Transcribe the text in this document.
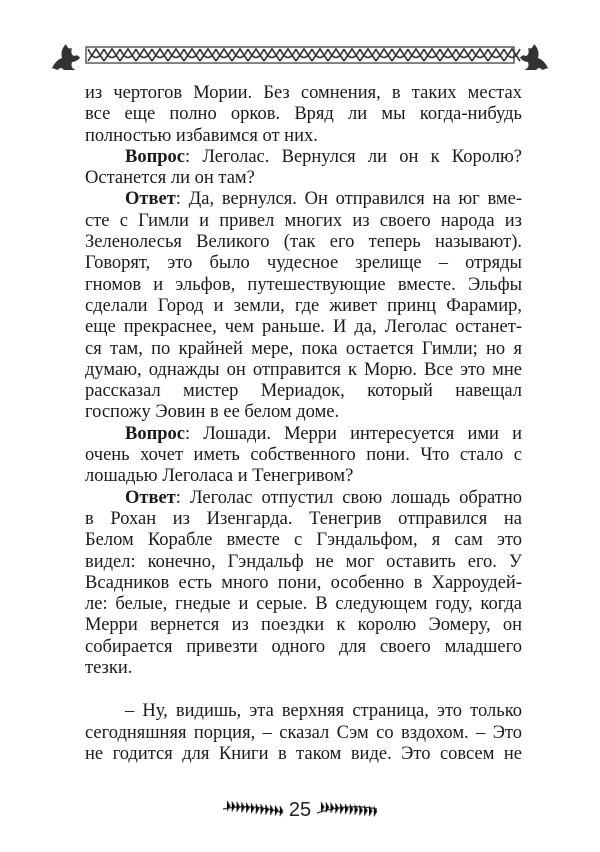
из чертогов Мории. Без сомнения, в таких местах
все еще полно орков. Вряд ли мы когда-нибудь
полностью избавимся от них.
Вопрос: Леголас. Вернулся ли он к Королю?
Останется ли он там?
Ответ: Да, вернулся. Он отправился на юг вме-
сте с Гимли и привел многих из своего народа из
Зеленолесья Великого (так его теперь называют).
Говорят, это было чудесное зрелище – отряды
гномов и эльфов, путешествующие вместе. Эльфы
сделали Город и земли, где живет принц Фарамир,
еще прекраснее, чем раньше. И да, Леголас останет-
ся там, по крайней мере, пока остается Гимли; но я
думаю, однажды он отправится к Морю. Все это мне
рассказал мистер Мериадок, который навещал
госпожу Эовин в ее белом доме.
Вопрос: Лошади. Мерри интересуется ими и
очень хочет иметь собственного пони. Что стало с
лошадью Леголаса и Тенегривом?
Ответ: Леголас отпустил свою лошадь обратно
в Рохан из Изенгарда. Тенегрив отправился на
Белом Корабле вместе с Гэндальфом, я сам это
видел: конечно, Гэндальф не мог оставить его. У
Всадников есть много пони, особенно в Харроудей-
ле: белые, гнедые и серые. В следующем году, когда
Мерри вернется из поездки к королю Эомеру, он
собирается привезти одного для своего младшего
тезки.
– Ну, видишь, эта верхняя страница, это только
сегодняшняя порция, – сказал Сэм со вздохом. – Это
не годится для Книги в таком виде. Это совсем не
25
